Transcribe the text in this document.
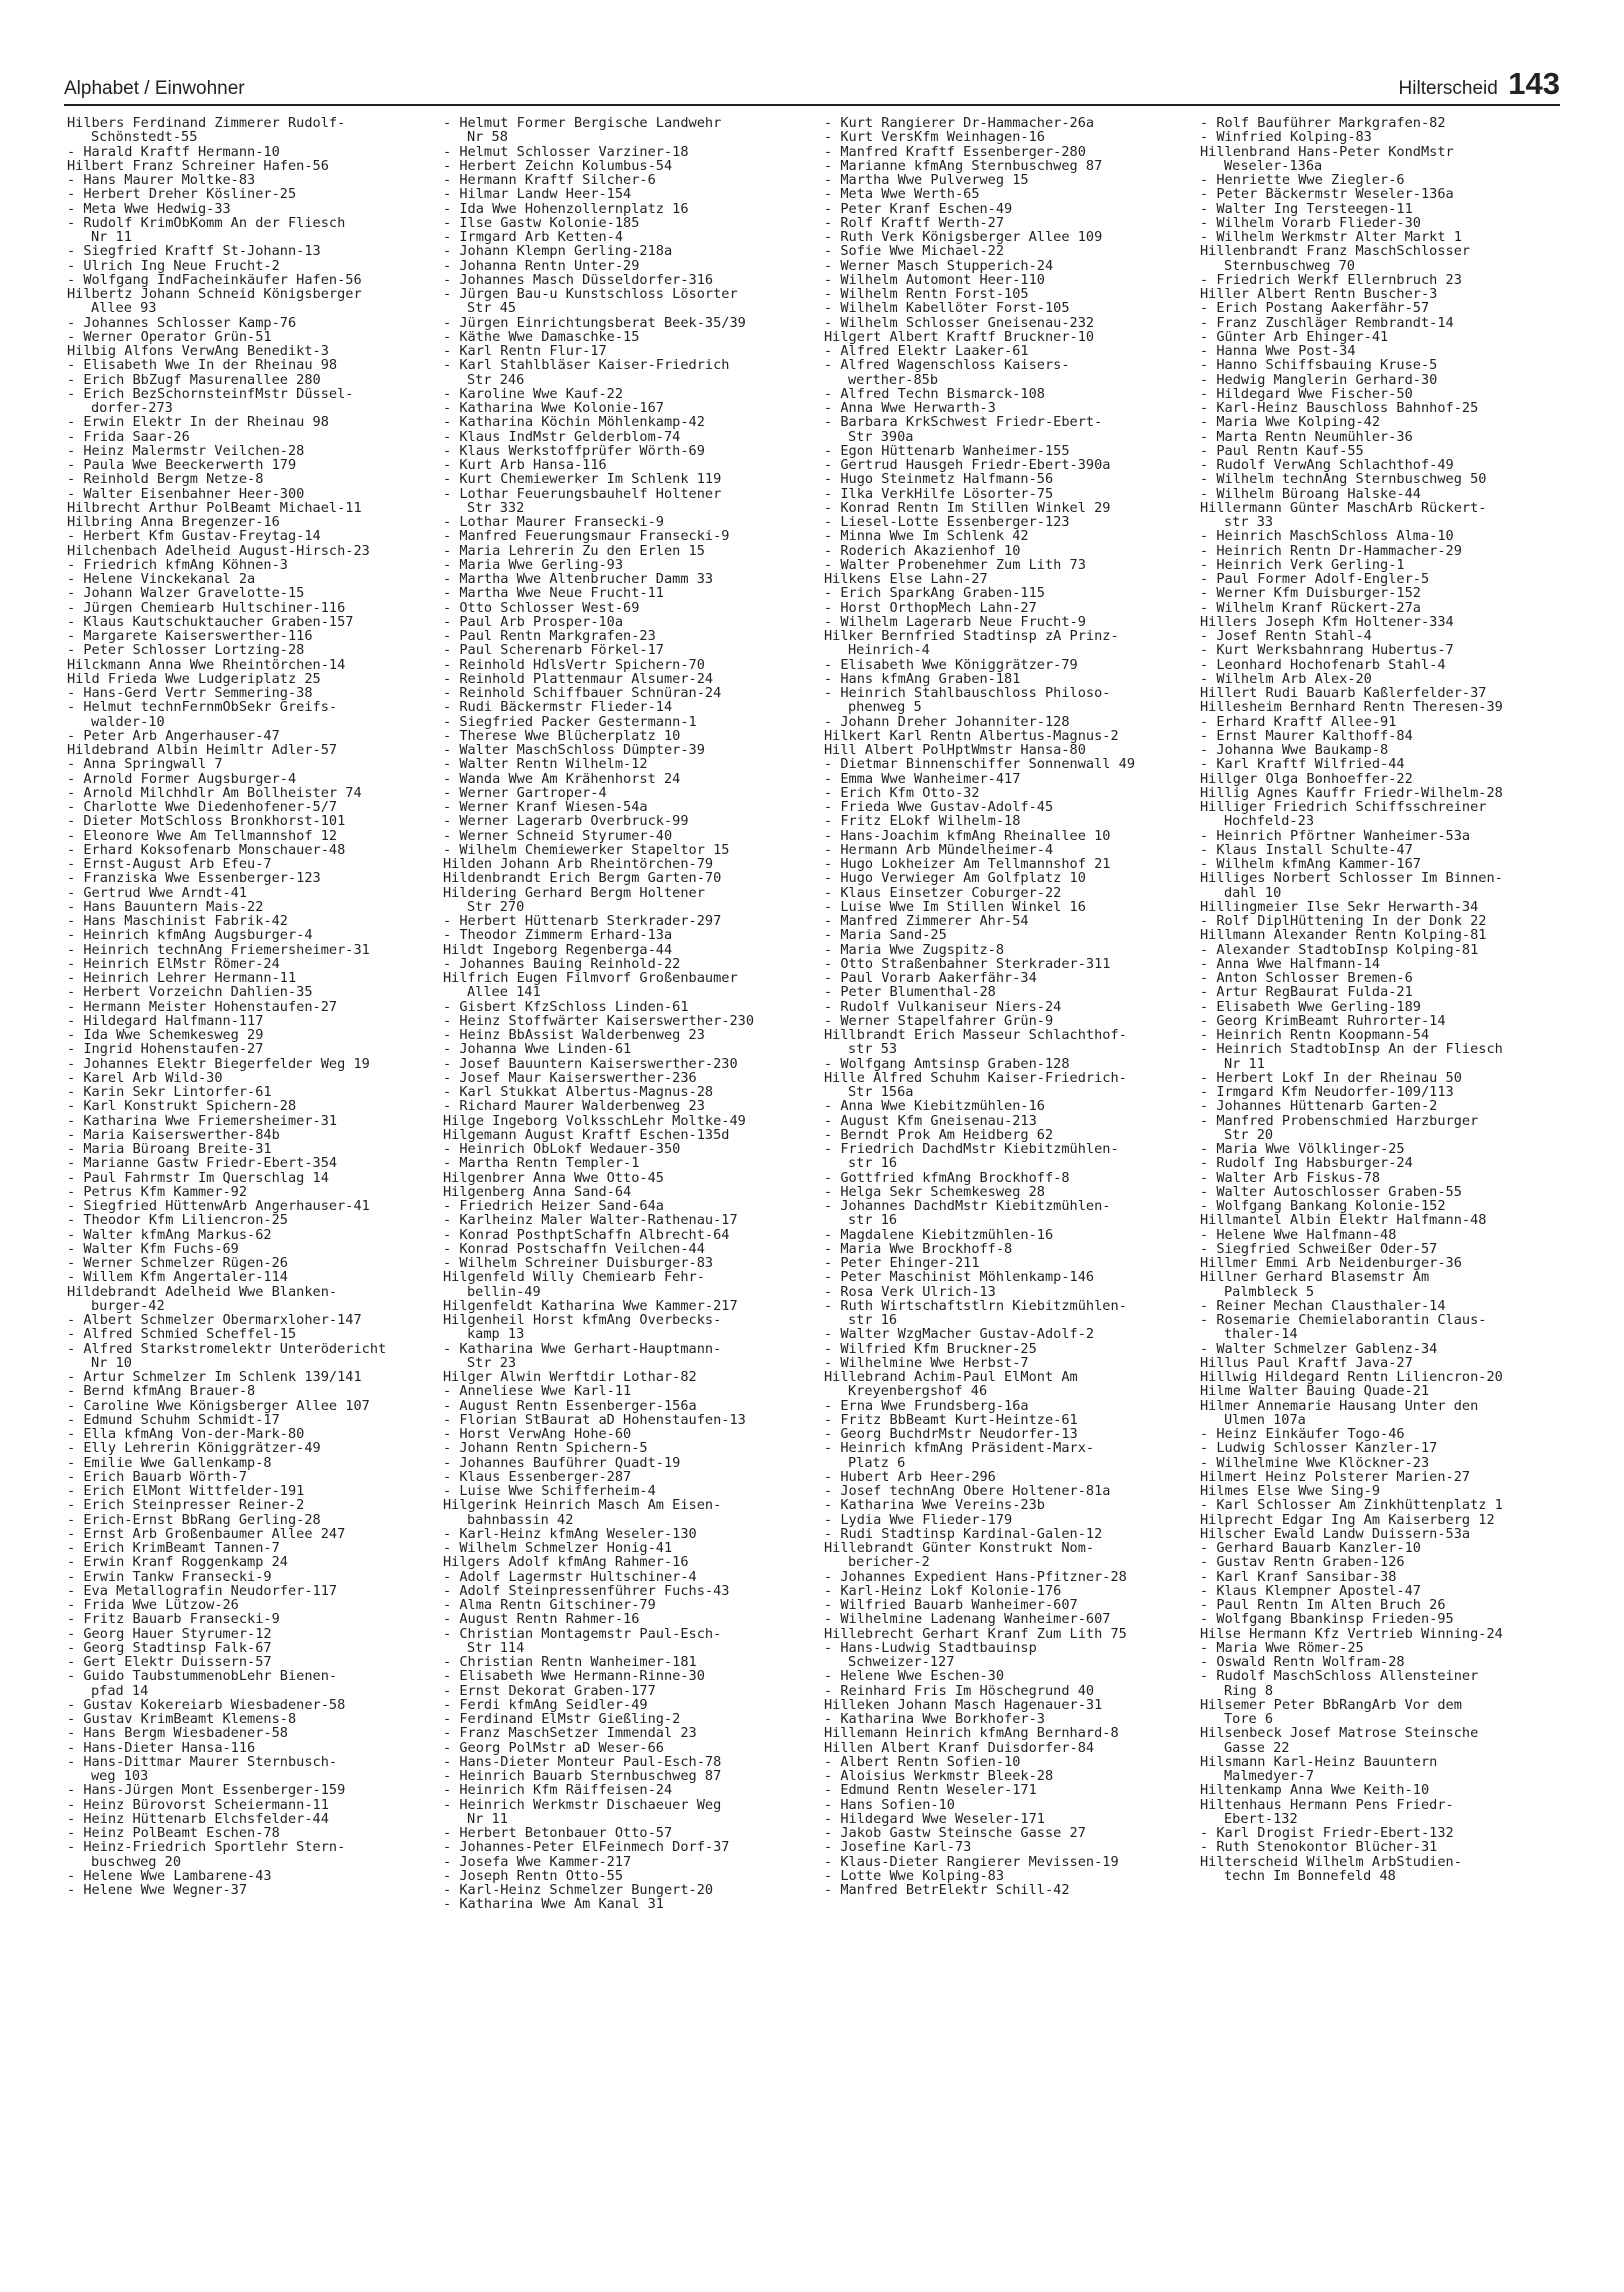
Alphabet / Einwohner	Hilterscheid 143
Hilbers Ferdinand Zimmerer Rudolf-
Schönstedt-55
- Harald Kraftf Hermann-10
Hilbert Franz Schreiner Hafen-56
- Hans Maurer Moltke-83
- Herbert Dreher Kösliner-25
- Meta Wwe Hedwig-33
- Rudolf KrimObKomm An der Fliesch
Nr 11
- Siegfried Kraftf St-Johann-13
- Ulrich Ing Neue Frucht-2
- Wolfgang IndFacheinkäufer Hafen-56
Hilbertz Johann Schneid Königsberger
Allee 93
- Johannes Schlosser Kamp-76
- Werner Operator Grün-51
Hilbig Alfons VerwAng Benedikt-3
- Elisabeth Wwe In der Rheinau 98
- Erich BbZugf Masurenallee 280
- Erich BezSchornsteinfMstr Düssel-
dorfer-273
- Erwin Elektr In der Rheinau 98
- Frida Saar-26
- Heinz Malermstr Veilchen-28
- Paula Wwe Beeckerwerth 179
- Reinhold Bergm Netze-8
- Walter Eisenbahner Heer-300
Hilbrecht Arthur PolBeamt Michael-11
Hilbring Anna Bregenzer-16
- Herbert Kfm Gustav-Freytag-14
Hilchenbach Adelheid August-Hirsch-23
- Friedrich kfmAng Köhnen-3
- Helene Vinckekanal 2a
- Johann Walzer Gravelotte-15
- Jürgen Chemiearb Hultschiner-116
- Klaus Kautschuktaucher Graben-157
- Margarete Kaiserswerther-116
- Peter Schlosser Lortzing-28
Hilckmann Anna Wwe Rheintörchen-14
Hild Frieda Wwe Ludgeriplatz 25
- Hans-Gerd Vertr Semmering-38
- Helmut technFernmObSekr Greifs-
walder-10
- Peter Arb Angerhauser-47
Hildebrand Albin Heimltr Adler-57
- Anna Springwall 7
- Arnold Former Augsburger-4
- Arnold Milchhdlr Am Bollheister 74
- Charlotte Wwe Diedenhofener-5/7
- Dieter MotSchloss Bronkhorst-101
- Eleonore Wwe Am Tellmannshof 12
- Erhard Koksofenarb Monschauer-48
- Ernst-August Arb Efeu-7
- Franziska Wwe Essenberger-123
- Gertrud Wwe Arndt-41
- Hans Bauuntern Mais-22
- Hans Maschinist Fabrik-42
- Heinrich kfmAng Augsburger-4
- Heinrich technAng Friemersheimer-31
- Heinrich ElMstr Römer-24
- Heinrich Lehrer Hermann-11
- Herbert Vorzeichn Dahlien-35
- Hermann Meister Hohenstaufen-27
- Hildegard Halfmann-117
- Ida Wwe Schemkesweg 29
- Ingrid Hohenstaufen-27
- Johannes Elektr Biegerfelder Weg 19
- Karel Arb Wild-30
- Karin Sekr Lintorfer-61
- Karl Konstrukt Spichern-28
- Katharina Wwe Friemersheimer-31
- Maria Kaiserswerther-84b
- Maria Büroang Breite-31
- Marianne Gastw Friedr-Ebert-354
- Paul Fahrmstr Im Querschlag 14
- Petrus Kfm Kammer-92
- Siegfried HüttenwArb Angerhauser-41
- Theodor Kfm Liliencron-25
- Walter kfmAng Markus-62
- Walter Kfm Fuchs-69
- Werner Schmelzer Rügen-26
- Willem Kfm Angertaler-114
Hildebrandt Adelheid Wwe Blanken-
burger-42
- Albert Schmelzer Obermarxloher-147
- Alfred Schmied Scheffel-15
- Alfred Starkstromelektr Unterödericht
Nr 10
- Artur Schmelzer Im Schlenk 139/141
- Bernd kfmAng Brauer-8
- Caroline Wwe Königsberger Allee 107
- Edmund Schuhm Schmidt-17
- Ella kfmAng Von-der-Mark-80
- Elly Lehrerin Königgrätzer-49
- Emilie Wwe Gallenkamp-8
- Erich Bauarb Wörth-7
- Erich ElMont Wittfelder-191
- Erich Steinpresser Reiner-2
- Erich-Ernst BbRang Gerling-28
- Ernst Arb Großenbaumer Allee 247
- Erich KrimBeamt Tannen-7
- Erwin Kranf Roggenkamp 24
- Erwin Tankw Fransecki-9
- Eva Metallografin Neudorfer-117
- Frida Wwe Lützow-26
- Fritz Bauarb Fransecki-9
- Georg Hauer Styrumer-12
- Georg Stadtinsp Falk-67
- Gert Elektr Duissern-57
- Guido TaubstummenobLehr Bienen-
pfad 14
- Gustav Kokereiarb Wiesbadener-58
- Gustav KrimBeamt Klemens-8
- Hans Bergm Wiesbadener-58
- Hans-Dieter Hansa-116
- Hans-Dittmar Maurer Sternbusch-
weg 103
- Hans-Jürgen Mont Essenberger-159
- Heinz Bürovorst Scheiermann-11
- Heinz Hüttenarb Elchsfelder-44
- Heinz PolBeamt Eschen-78
- Heinz-Friedrich Sportlehr Stern-
buschweg 20
- Helene Wwe Lambarene-43
- Helene Wwe Wegner-37
- Helmut Former Bergische Landwehr
Nr 58
- Helmut Schlosser Varziner-18
- Herbert Zeichn Kolumbus-54
- Hermann Kraftf Silcher-6
- Hilmar Landw Heer-154
- Ida Wwe Hohenzollernplatz 16
- Ilse Gastw Kolonie-185
- Irmgard Arb Ketten-4
- Johann Klempn Gerling-218a
- Johanna Rentn Unter-29
- Johannes Masch Düsseldorfer-316
- Jürgen Bau-u Kunstschloss Lösorter
Str 45
- Jürgen Einrichtungsberat Beek-35/39
- Käthe Wwe Damaschke-15
- Karl Rentn Flur-17
- Karl Stahlbläser Kaiser-Friedrich
Str 246
- Karoline Wwe Kauf-22
- Katharina Wwe Kolonie-167
- Katharina Köchin Möhlenkamp-42
- Klaus IndMstr Gelderblom-74
- Klaus Werkstoffprüfer Wörth-69
- Kurt Arb Hansa-116
- Kurt Chemiewerker Im Schlenk 119
- Lothar Feuerungsbauhelf Holtener
Str 332
- Lothar Maurer Fransecki-9
- Manfred Feuerungsmaur Fransecki-9
- Maria Lehrerin Zu den Erlen 15
- Maria Wwe Gerling-93
- Martha Wwe Altenbrucher Damm 33
- Martha Wwe Neue Frucht-11
- Otto Schlosser West-69
- Paul Arb Prosper-10a
- Paul Rentn Markgrafen-23
- Paul Scherenarb Förkel-17
- Reinhold HdlsVertr Spichern-70
- Reinhold Plattenmaur Alsumer-24
- Reinhold Schiffbauer Schnüran-24
- Rudi Bäckermstr Flieder-14
- Siegfried Packer Gestermann-1
- Therese Wwe Blücherplatz 10
- Walter MaschSchloss Dümpter-39
- Walter Rentn Wilhelm-12
- Wanda Wwe Am Krähenhorst 24
- Werner Gartroper-4
- Werner Kranf Wiesen-54a
- Werner Lagerarb Overbruck-99
- Werner Schneid Styrumer-40
- Wilhelm Chemiewerker Stapeltor 15
Hilden Johann Arb Rheintörchen-79
Hildenbrandt Erich Bergm Garten-70
Hildering Gerhard Bergm Holtener
Str 270
- Herbert Hüttenarb Sterkrader-297
- Theodor Zimmerm Erhard-13a
Hildt Ingeborg Regenberga-44
- Johannes Bauing Reinhold-22
Hilfrich Eugen Filmvorf Großenbaumer
Allee 141
- Gisbert KfzSchloss Linden-61
- Heinz Stoffwärter Kaiserswerther-230
- Heinz BbAssist Walderbenweg 23
- Johanna Wwe Linden-61
- Josef Bauuntern Kaiserswerther-230
- Josef Maur Kaiserswerther-236
- Karl Stukkat Albertus-Magnus-28
- Richard Maurer Walderbenweg 23
Hilge Ingeborg VolksschLehr Moltke-49
Hilgemann August Kraftf Eschen-135d
- Heinrich ObLokf Wedauer-350
- Martha Rentn Templer-1
Hilgenbrer Anna Wwe Otto-45
Hilgenberg Anna Sand-64
- Friedrich Heizer Sand-64a
- Karlheinz Maler Walter-Rathenau-17
- Konrad PosthptSchaffn Albrecht-64
- Konrad Postschaffn Veilchen-44
- Wilhelm Schreiner Duisburger-83
Hilgenfeld Willy Chemiearb Fehr-
bellin-49
Hilgenfeldt Katharina Wwe Kammer-217
Hilgenheil Horst kfmAng Overbecks-
kamp 13
- Katharina Wwe Gerhart-Hauptmann-
Str 23
Hilger Alwin Werftdir Lothar-82
- Anneliese Wwe Karl-11
- August Rentn Essenberger-156a
- Florian StBaurat aD Hohenstaufen-13
- Horst VerwAng Hohe-60
- Johann Rentn Spichern-5
- Johannes Bauführer Quadt-19
- Klaus Essenberger-287
- Luise Wwe Schifferheim-4
Hilgerink Heinrich Masch Am Eisen-
bahnbassin 42
- Karl-Heinz kfmAng Weseler-130
- Wilhelm Schmelzer Honig-41
Hilgers Adolf kfmAng Rahmer-16
- Adolf Lagermstr Hultschiner-4
- Adolf Steinpressenführer Fuchs-43
- Alma Rentn Gitschiner-79
- August Rentn Rahmer-16
- Christian Montagemstr Paul-Esch-
Str 114
- Christian Rentn Wanheimer-181
- Elisabeth Wwe Hermann-Rinne-30
- Ernst Dekorat Graben-177
- Ferdi kfmAng Seidler-49
- Ferdinand ElMstr Gießling-2
- Franz MaschSetzer Immendal 23
- Georg PolMstr aD Weser-66
- Hans-Dieter Monteur Paul-Esch-78
- Heinrich Bauarb Sternbuschweg 87
- Heinrich Kfm Räiffeisen-24
- Heinrich Werkmstr Dischaeuer Weg
Nr 11
- Herbert Betonbauer Otto-57
- Johannes-Peter ElFeinmech Dorf-37
- Josefa Wwe Kammer-217
- Joseph Rentn Otto-55
- Karl-Heinz Schmelzer Bungert-20
- Katharina Wwe Am Kanal 31
- Kurt Rangierer Dr-Hammacher-26a
- Kurt VersKfm Weinhagen-16
- Manfred Kraftf Essenberger-280
- Marianne kfmAng Sternbuschweg 87
- Martha Wwe Pulverweg 15
- Meta Wwe Werth-65
- Peter Kranf Eschen-49
- Rolf Kraftf Werth-27
- Ruth Verk Königsberger Allee 109
- Sofie Wwe Michael-22
- Werner Masch Stupperich-24
- Wilhelm Automont Heer-110
- Wilhelm Rentn Forst-105
- Wilhelm Kabellöter Forst-105
- Wilhelm Schlosser Gneisenau-232
Hilgert Albert Kraftf Bruckner-10
- Alfred Elektr Laaker-61
- Alfred Wagenschloss Kaisers-
werther-85b
- Alfred Techn Bismarck-108
- Anna Wwe Herwarth-3
- Barbara KrkSchwest Friedr-Ebert-
Str 390a
- Egon Hüttenarb Wanheimer-155
- Gertrud Hausgeh Friedr-Ebert-390a
- Hugo Steinmetz Halfmann-56
- Ilka VerkHilfe Lösorter-75
- Konrad Rentn Im Stillen Winkel 29
- Liesel-Lotte Essenberger-123
- Minna Wwe Im Schlenk 42
- Roderich Akazienhof 10
- Walter Probenehmer Zum Lith 73
Hilkens Else Lahn-27
- Erich SparkAng Graben-115
- Horst OrthopMech Lahn-27
- Wilhelm Lagerarb Neue Frucht-9
Hilker Bernfried Stadtinsp zA Prinz-
Heinrich-4
- Elisabeth Wwe Königgrätzer-79
- Hans kfmAng Graben-181
- Heinrich Stahlbauschloss Philoso-
phenweg 5
- Johann Dreher Johanniter-128
Hilkert Karl Rentn Albertus-Magnus-2
Hill Albert PolHptWmstr Hansa-80
- Dietmar Binnenschiffer Sonnenwall 49
- Emma Wwe Wanheimer-417
- Erich Kfm Otto-32
- Frieda Wwe Gustav-Adolf-45
- Fritz ELokf Wilhelm-18
- Hans-Joachim kfmAng Rheinallee 10
- Hermann Arb Mündelheimer-4
- Hugo Lokheizer Am Tellmannshof 21
- Hugo Verwieger Am Golfplatz 10
- Klaus Einsetzer Coburger-22
- Luise Wwe Im Stillen Winkel 16
- Manfred Zimmerer Ahr-54
- Maria Sand-25
- Maria Wwe Zugspitz-8
- Otto Straßenbahner Sterkrader-311
- Paul Vorarb Aakerfähr-34
- Peter Blumenthal-28
- Rudolf Vulkaniseur Niers-24
- Werner Stapelfahrer Grün-9
Hillbrandt Erich Masseur Schlachthof-
str 53
- Wolfgang Amtsinsp Graben-128
Hille Alfred Schuhm Kaiser-Friedrich-
Str 156a
- Anna Wwe Kiebitzmühlen-16
- August Kfm Gneisenau-213
- Berndt Prok Am Heidberg 62
- Friedrich DachdMstr Kiebitzmühlen-
str 16
- Gottfried kfmAng Brockhoff-8
- Helga Sekr Schemkesweg 28
- Johannes DachdMstr Kiebitzmühlen-
str 16
- Magdalene Kiebitzmühlen-16
- Maria Wwe Brockhoff-8
- Peter Ehinger-211
- Peter Maschinist Möhlenkamp-146
- Rosa Verk Ulrich-13
- Ruth Wirtschaftstlrn Kiebitzmühlen-
str 16
- Walter WzgMacher Gustav-Adolf-2
- Wilfried Kfm Bruckner-25
- Wilhelmine Wwe Herbst-7
Hillebrand Achim-Paul ElMont Am
Kreyenbergshof 46
- Erna Wwe Frundsberg-16a
- Fritz BbBeamt Kurt-Heintze-61
- Georg BuchdrMstr Neudorfer-13
- Heinrich kfmAng Präsident-Marx-
Platz 6
- Hubert Arb Heer-296
- Josef technAng Obere Holtener-81a
- Katharina Wwe Vereins-23b
- Lydia Wwe Flieder-179
- Rudi Stadtinsp Kardinal-Galen-12
Hillebrandt Günter Konstrukt Nom-
bericher-2
- Johannes Expedient Hans-Pfitzner-28
- Karl-Heinz Lokf Kolonie-176
- Wilfried Bauarb Wanheimer-607
- Wilhelmine Ladenang Wanheimer-607
Hillebrecht Gerhart Kranf Zum Lith 75
- Hans-Ludwig Stadtbauinsp
Schweizer-127
- Helene Wwe Eschen-30
- Reinhard Fris Im Höschegrund 40
Hilleken Johann Masch Hagenauer-31
- Katharina Wwe Borkhofer-3
Hillemann Heinrich kfmAng Bernhard-8
Hillen Albert Kranf Duisdorfer-84
- Albert Rentn Sofien-10
- Aloisius Werkmstr Bleek-28
- Edmund Rentn Weseler-171
- Hans Sofien-10
- Hildegard Wwe Weseler-171
- Jakob Gastw Steinsche Gasse 27
- Josefine Karl-73
- Klaus-Dieter Rangierer Mevissen-19
- Lotte Wwe Kolping-83
- Manfred BetrElektr Schill-42
- Rolf Bauführer Markgrafen-82
- Winfried Kolping-83
Hillenbrand Hans-Peter KondMstr
Weseler-136a
- Henriette Wwe Ziegler-6
- Peter Bäckermstr Weseler-136a
- Walter Ing Tersteegen-11
- Wilhelm Vorarb Flieder-30
- Wilhelm Werkmstr Alter Markt 1
Hillenbrandt Franz MaschSchlosser
Sternbuschweg 70
- Friedrich Werkf Ellernbruch 23
Hiller Albert Rentn Buscher-3
- Erich Postang Aakerfähr-57
- Franz Zuschläger Rembrandt-14
- Günter Arb Ehinger-41
- Hanna Wwe Post-34
- Hanno Schiffsbauing Kruse-5
- Hedwig Manglerin Gerhard-30
- Hildegard Wwe Fischer-50
- Karl-Heinz Bauschloss Bahnhof-25
- Maria Wwe Kolping-42
- Marta Rentn Neumühler-36
- Paul Rentn Kauf-55
- Rudolf VerwAng Schlachthof-49
- Wilhelm technAng Sternbuschweg 50
- Wilhelm Büroang Halske-44
Hillermann Günter MaschArb Rückert-
str 33
- Heinrich MaschSchloss Alma-10
- Heinrich Rentn Dr-Hammacher-29
- Heinrich Verk Gerling-1
- Paul Former Adolf-Engler-5
- Werner Kfm Duisburger-152
- Wilhelm Kranf Rückert-27a
Hillers Joseph Kfm Holtener-334
- Josef Rentn Stahl-4
- Kurt Werksbahnrang Hubertus-7
- Leonhard Hochofenarb Stahl-4
- Wilhelm Arb Alex-20
Hillert Rudi Bauarb Kaßlerfelder-37
Hillesheim Bernhard Rentn Theresen-39
- Erhard Kraftf Allee-91
- Ernst Maurer Kalthoff-84
- Johanna Wwe Baukamp-8
- Karl Kraftf Wilfried-44
Hillger Olga Bonhoeffer-22
Hillig Agnes Kauffr Friedr-Wilhelm-28
Hilliger Friedrich Schiffsschreiner
Hochfeld-23
- Heinrich Pförtner Wanheimer-53a
- Klaus Install Schulte-47
- Wilhelm kfmAng Kammer-167
Hilliges Norbert Schlosser Im Binnen-
dahl 10
Hillingmeier Ilse Sekr Herwarth-34
- Rolf DiplHüttening In der Donk 22
Hillmann Alexander Rentn Kolping-81
- Alexander StadtobInsp Kolping-81
- Anna Wwe Halfmann-14
- Anton Schlosser Bremen-6
- Artur RegBaurat Fulda-21
- Elisabeth Wwe Gerling-189
- Georg KrimBeamt Ruhrorter-14
- Heinrich Rentn Koopmann-54
- Heinrich StadtobInsp An der Fliesch
Nr 11
- Herbert Lokf In der Rheinau 50
- Irmgard Kfm Neudorfer-109/113
- Johannes Hüttenarb Garten-2
- Manfred Probenschmied Harzburger
Str 20
- Maria Wwe Völklinger-25
- Rudolf Ing Habsburger-24
- Walter Arb Fiskus-78
- Walter Autoschlosser Graben-55
- Wolfgang Bankang Kolonie-152
Hillmantel Albin Elektr Halfmann-48
- Helene Wwe Halfmann-48
- Siegfried Schweißer Oder-57
Hillmer Emmi Arb Neidenburger-36
Hillner Gerhard Blasemstr Am
Palmbleck 5
- Reiner Mechan Clausthaler-14
- Rosemarie Chemielaborantin Claus-
thaler-14
- Walter Schmelzer Gablenz-34
Hillus Paul Kraftf Java-27
Hillwig Hildegard Rentn Liliencron-20
Hilme Walter Bauing Quade-21
Hilmer Annemarie Hausang Unter den
Ulmen 107a
- Heinz Einkäufer Togo-46
- Ludwig Schlosser Kanzler-17
- Wilhelmine Wwe Klöckner-23
Hilmert Heinz Polsterer Marien-27
Hilmes Else Wwe Sing-9
- Karl Schlosser Am Zinkhüttenplatz 1
Hilprecht Edgar Ing Am Kaiserberg 12
Hilscher Ewald Landw Duissern-53a
- Gerhard Bauarb Kanzler-10
- Gustav Rentn Graben-126
- Karl Kranf Sansibar-38
- Klaus Klempner Apostel-47
- Paul Rentn Im Alten Bruch 26
- Wolfgang Bbankinsp Frieden-95
Hilse Hermann Kfz Vertrieb Winning-24
- Maria Wwe Römer-25
- Oswald Rentn Wolfram-28
- Rudolf MaschSchloss Allensteiner
Ring 8
Hilsemer Peter BbRangArb Vor dem
Tore 6
Hilsenbeck Josef Matrose Steinsche
Gasse 22
Hilsmann Karl-Heinz Bauuntern
Malmedyer-7
Hiltenkamp Anna Wwe Keith-10
Hiltenhaus Hermann Pens Friedr-
Ebert-132
- Karl Drogist Friedr-Ebert-132
- Ruth Stenokontor Blücher-31
Hilterscheid Wilhelm ArbStudien-
techn Im Bonnefeld 48
